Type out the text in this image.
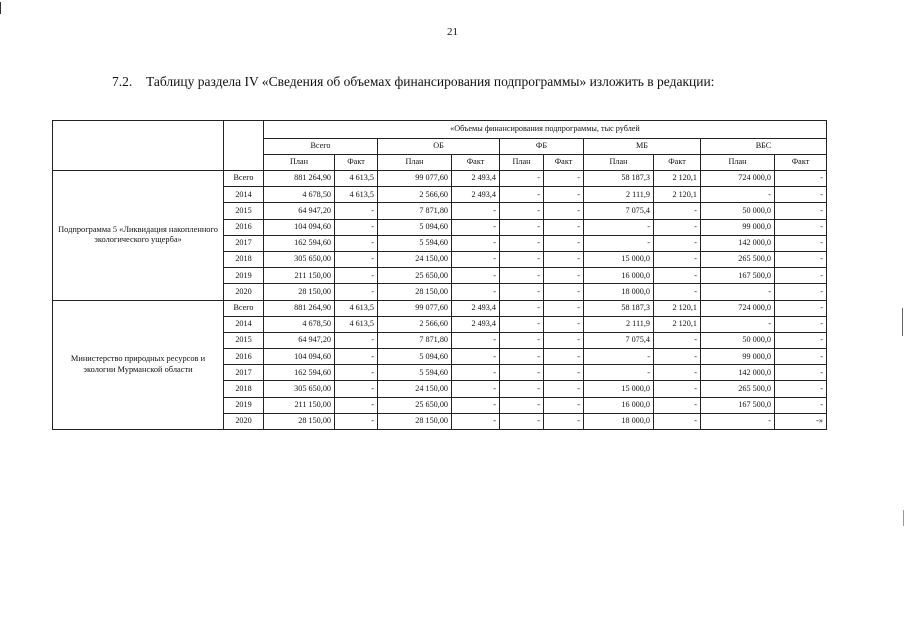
21
7.2. Таблицу раздела IV «Сведения об объемах финансирования подпрограммы» изложить в редакции:
		«Объемы финансирования подпрограммы, тыс рублей									
		Всего		ОБ		ФБ		МБ		ВБС	
		План	Факт	План	Факт	План	Факт	План	Факт	План	Факт
Подпрограмма 5 «Ликвидация накопленного экологического ущерба»	Всего	881 264,90	4 613,5	99 077,60	2 493,4	-	-	58 187,3	2 120,1	724 000,0	-
	2014	4 678,50	4 613,5	2 566,60	2 493,4	-	-	2 111,9	2 120,1	-	-
	2015	64 947,20	-	7 871,80	-	-	-	7 075,4	-	50 000,0	-
	2016	104 094,60	-	5 094,60	-	-	-	-	-	99 000,0	-
	2017	162 594,60	-	5 594,60	-	-	-	-	-	142 000,0	-
	2018	305 650,00	-	24 150,00	-	-	-	15 000,0	-	265 500,0	-
	2019	211 150,00	-	25 650,00	-	-	-	16 000,0	-	167 500,0	-
	2020	28 150,00	-	28 150,00	-	-	-	18 000,0	-	-	-
Министерство природных ресурсов и экологии Мурманской области	Всего	881 264,90	4 613,5	99 077,60	2 493,4	-	-	58 187,3	2 120,1	724 000,0	-
	2014	4 678,50	4 613,5	2 566,60	2 493,4	-	-	2 111,9	2 120,1	-	-
	2015	64 947,20	-	7 871,80	-	-	-	7 075,4	-	50 000,0	-
	2016	104 094,60	-	5 094,60	-	-	-	-	-	99 000,0	-
	2017	162 594,60	-	5 594,60	-	-	-	-	-	142 000,0	-
	2018	305 650,00	-	24 150,00	-	-	-	15 000,0	-	265 500,0	-
	2019	211 150,00	-	25 650,00	-	-	-	16 000,0	-	167 500,0	-
	2020	28 150,00	-	28 150,00	-	-	-	18 000,0	-	-	-»
